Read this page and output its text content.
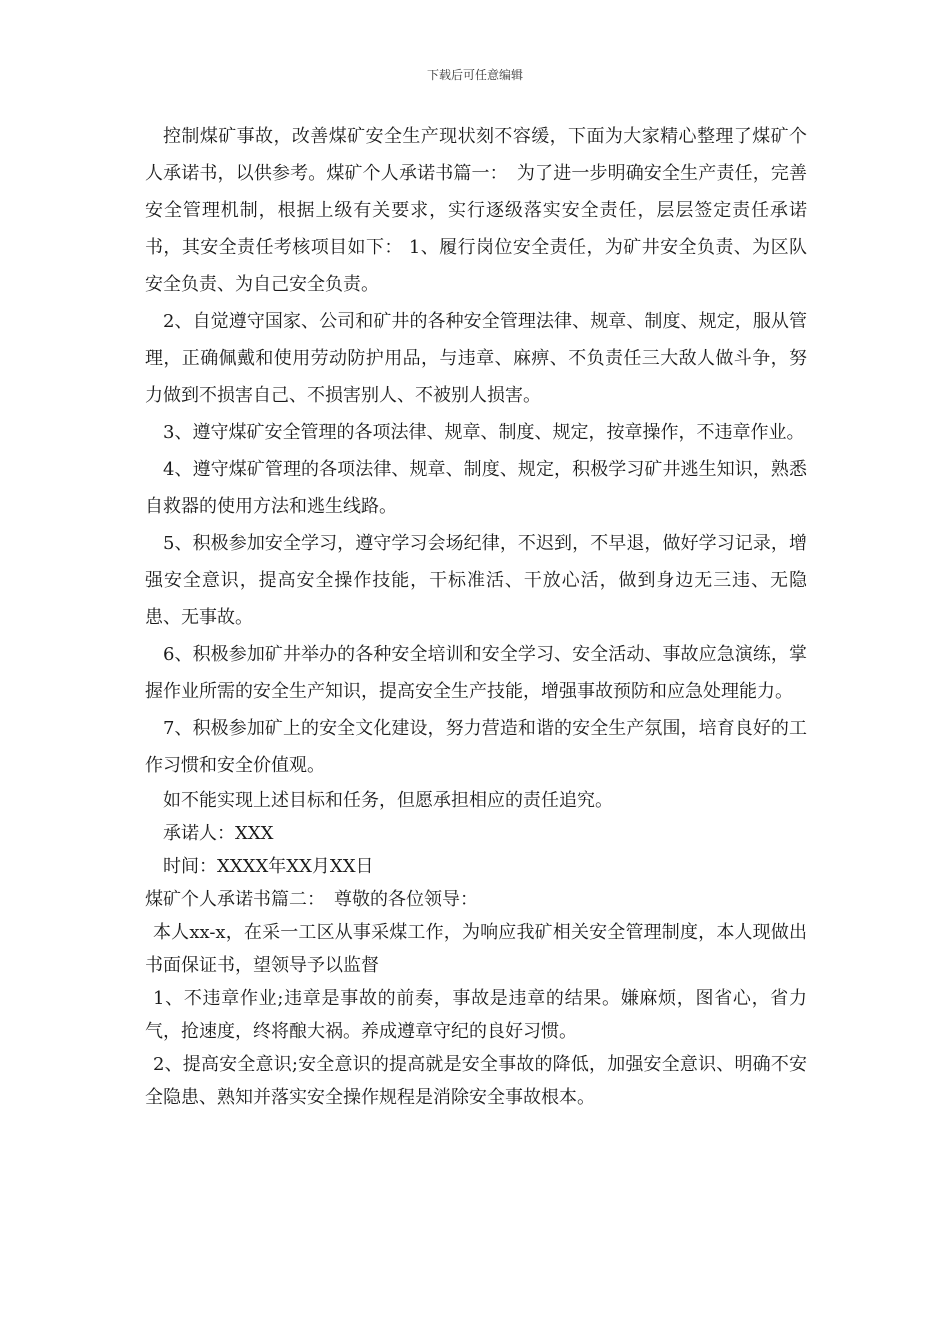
下载后可任意编辑

控制煤矿事故，改善煤矿安全生产现状刻不容缓，下面为大家精心整理了煤矿个人承诺书，以供参考。煤矿个人承诺书篇一：　为了进一步明确安全生产责任，完善安全管理机制，根据上级有关要求，实行逐级落实安全责任，层层签定责任承诺书，其安全责任考核项目如下： 1、履行岗位安全责任，为矿井安全负责、为区队安全负责、为自己安全负责。

2、自觉遵守国家、公司和矿井的各种安全管理法律、规章、制度、规定，服从管理，正确佩戴和使用劳动防护用品，与违章、麻痹、不负责任三大敌人做斗争，努力做到不损害自己、不损害别人、不被别人损害。

3、遵守煤矿安全管理的各项法律、规章、制度、规定，按章操作，不违章作业。

4、遵守煤矿管理的各项法律、规章、制度、规定，积极学习矿井逃生知识，熟悉自救器的使用方法和逃生线路。

5、积极参加安全学习，遵守学习会场纪律，不迟到，不早退，做好学习记录，增强安全意识，提高安全操作技能，干标准活、干放心活，做到身边无三违、无隐患、无事故。

6、积极参加矿井举办的各种安全培训和安全学习、安全活动、事故应急演练，掌握作业所需的安全生产知识，提高安全生产技能，增强事故预防和应急处理能力。

7、积极参加矿上的安全文化建设，努力营造和谐的安全生产氛围，培育良好的工作习惯和安全价值观。

如不能实现上述目标和任务，但愿承担相应的责任追究。

承诺人：XXX

时间：XXXX年XX月XX日

煤矿个人承诺书篇二：　尊敬的各位领导：

本人xx-x，在采一工区从事采煤工作，为响应我矿相关安全管理制度，本人现做出书面保证书，望领导予以监督

1、不违章作业;违章是事故的前奏，事故是违章的结果。嫌麻烦，图省心，省力气，抢速度，终将酿大祸。养成遵章守纪的良好习惯。

2、提高安全意识;安全意识的提高就是安全事故的降低，加强安全意识、明确不安全隐患、熟知并落实安全操作规程是消除安全事故根本。
